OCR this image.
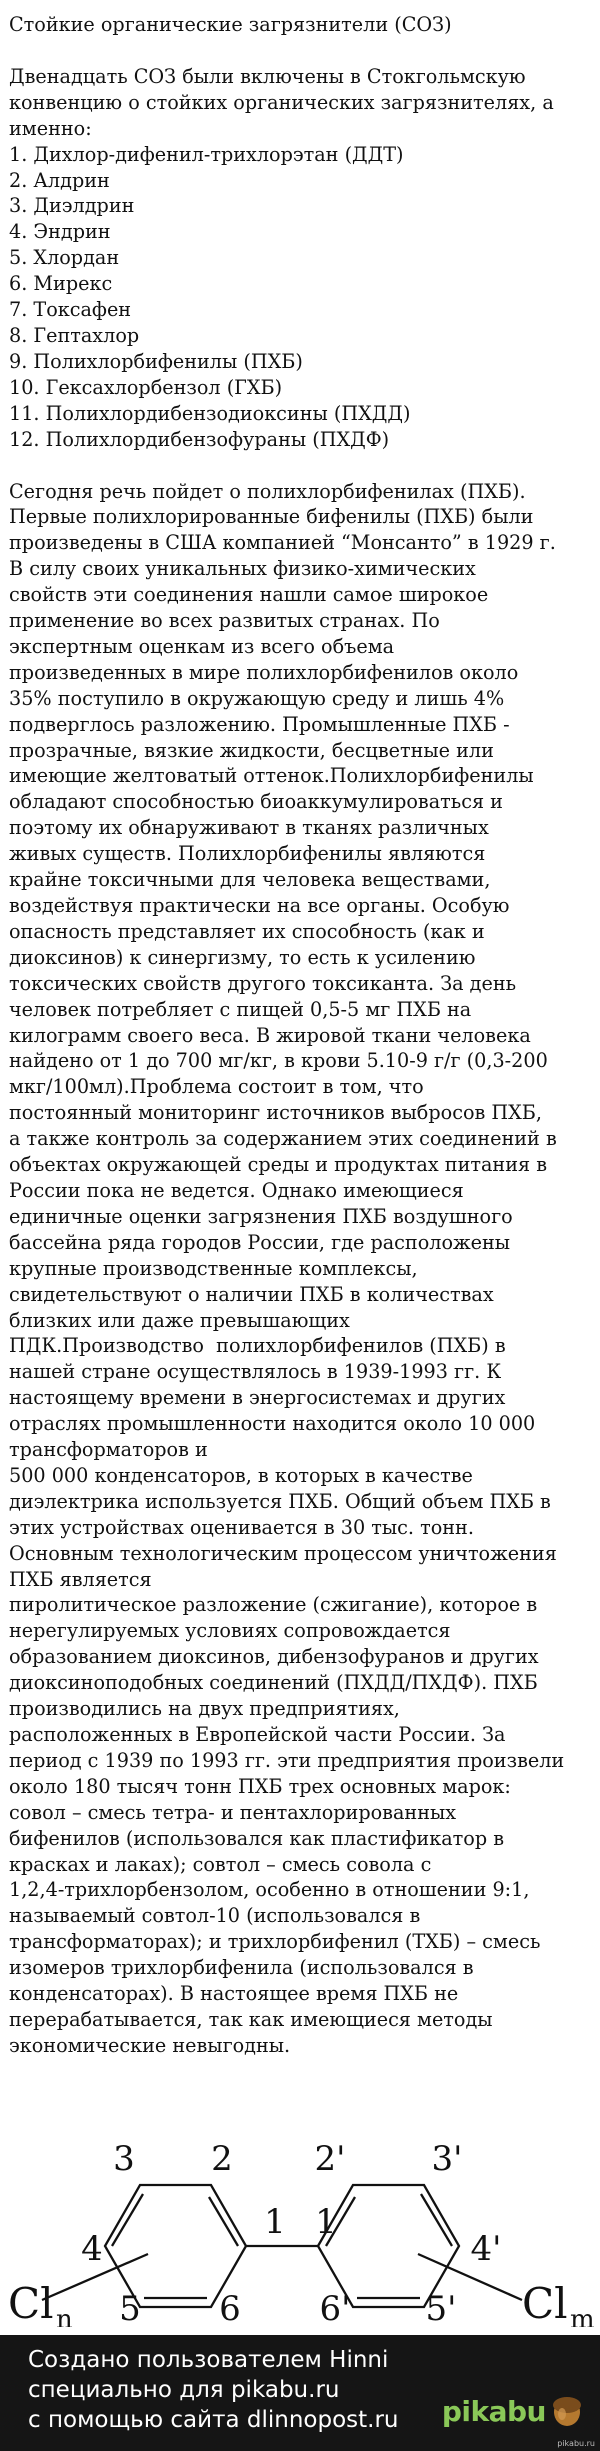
Стойкие органические загрязнители (СОЗ)
Двенадцать СОЗ были включены в Стокгольмскую
конвенцию о стойких органических загрязнителях, а
именно:
1. Дихлор-дифенил-трихлорэтан (ДДТ)
2. Алдрин
3. Диэлдрин
4. Эндрин
5. Хлордан
6. Мирекс
7. Токсафен
8. Гептахлор
9. Полихлорбифенилы (ПХБ)
10. Гексахлорбензол (ГХБ)
11. Полихлордибензодиоксины (ПХДД)
12. Полихлордибензофураны (ПХДФ)
Сегодня речь пойдет о полихлорбифенилах (ПХБ).
Первые полихлорированные бифенилы (ПХБ) были
произведены в США компанией “Монсанто” в 1929 г.
В силу своих уникальных физико-химических
свойств эти соединения нашли самое широкое
применение во всех развитых странах. По
экспертным оценкам из всего объема
произведенных в мире полихлорбифенилов около
35% поступило в окружающую среду и лишь 4%
подверглось разложению. Промышленные ПХБ -
прозрачные, вязкие жидкости, бесцветные или
имеющие желтоватый оттенок.Полихлорбифенилы
обладают способностью биоаккумулироваться и
поэтому их обнаруживают в тканях различных
живых существ. Полихлорбифенилы являются
крайне токсичными для человека веществами,
воздействуя практически на все органы. Особую
опасность представляет их способность (как и
диоксинов) к синергизму, то есть к усилению
токсических свойств другого токсиканта. За день
человек потребляет с пищей 0,5-5 мг ПХБ на
килограмм своего веса. В жировой ткани человека
найдено от 1 до 700 мг/кг, в крови 5.10-9 г/г (0,3-200
мкг/100мл).Проблема состоит в том, что
постоянный мониторинг источников выбросов ПХБ,
а также контроль за содержанием этих соединений в
объектах окружающей среды и продуктах питания в
России пока не ведется. Однако имеющиеся
единичные оценки загрязнения ПХБ воздушного
бассейна ряда городов России, где расположены
крупные производственные комплексы,
свидетельствуют о наличии ПХБ в количествах
близких или даже превышающих
ПДК.Производство  полихлорбифенилов (ПХБ) в
нашей стране осуществлялось в 1939-1993 гг. К
настоящему времени в энергосистемах и других
отраслях промышленности находится около 10 000
трансформаторов и
500 000 конденсаторов, в которых в качестве
диэлектрика используется ПХБ. Общий объем ПХБ в
этих устройствах оценивается в 30 тыс. тонн.
Основным технологическим процессом уничтожения
ПХБ является
пиролитическое разложение (сжигание), которое в
нерегулируемых условиях сопровождается
образованием диоксинов, дибензофуранов и других
диоксиноподобных соединений (ПХДД/ПХДФ). ПХБ
производились на двух предприятиях,
расположенных в Европейской части России. За
период с 1939 по 1993 гг. эти предприятия произвели
около 180 тысяч тонн ПХБ трех основных марок:
совол – смесь тетра- и пентахлорированных
бифенилов (использовался как пластификатор в
красках и лаках); совтол – смесь совола с
1,2,4-трихлорбензолом, особенно в отношении 9:1,
называемый совтол-10 (использовался в
трансформаторах); и трихлорбифенил (ТХБ) – смесь
изомеров трихлорбифенила (использовался в
конденсаторах). В настоящее время ПХБ не
перерабатывается, так как имеющиеся методы
экономические невыгодны.
3 2
1
4
5 6
2'	3'
1
4'
6' 5'
Cl n	Cl m
Создано пользователем Hinni
специально для pikabu.ru
с помощью сайта dlinnopost.ru pikabu
pikabu.ru
